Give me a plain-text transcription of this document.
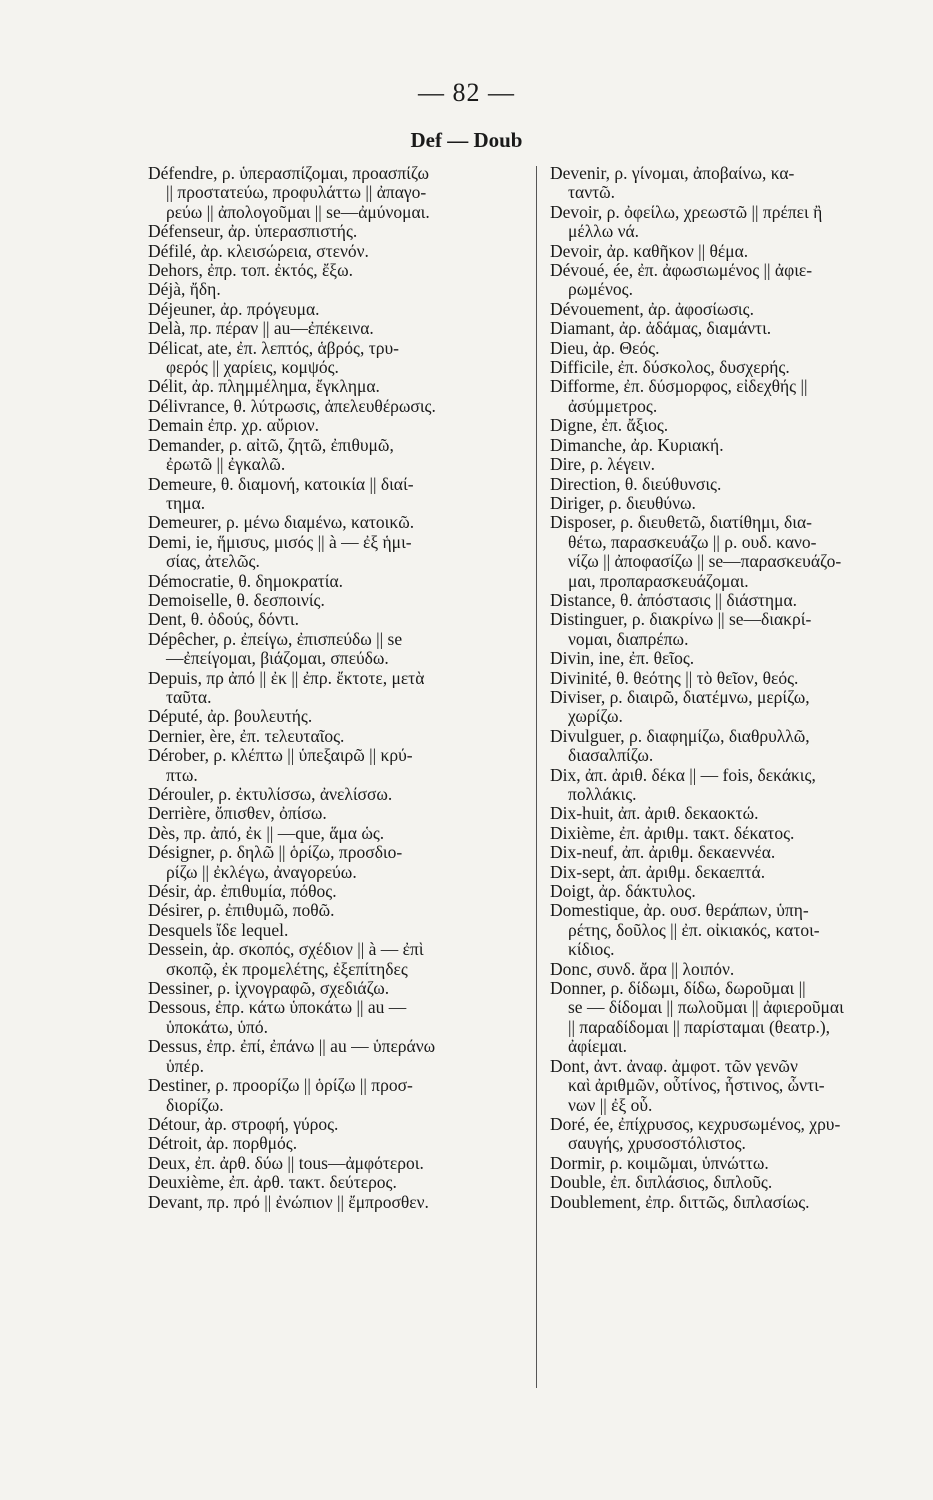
— 82 —
Def — Doub
Défendre, ρ. ὑπερασπίζομαι, προασπίζω
|| προστατεύω, προφυλάττω || ἀπαγο-
ρεύω || ἀπολογοῦμαι || se—ἀμύνομαι.
Défenseur, ἀρ. ὑπερασπιστής.
Défilé, ἀρ. κλεισώρεια, στενόν.
Dehors, ἐπρ. τοπ. ἐκτός, ἔξω.
Déjà, ἤδη.
Déjeuner, ἀρ. πρόγευμα.
Delà, πρ. πέραν || au—ἐπέκεινα.
Délicat, ate, ἐπ. λεπτός, ἁβρός, τρυ-
φερός || χαρίεις, κομψός.
Délit, ἀρ. πλημμέλημα, ἔγκλημα.
Délivrance, θ. λύτρωσις, ἀπελευθέρωσις.
Demain ἐπρ. χρ. αὔριον.
Demander, ρ. αἰτῶ, ζητῶ, ἐπιθυμῶ,
ἐρωτῶ || ἐγκαλῶ.
Demeure, θ. διαμονή, κατοικία || διαί-
τημα.
Demeurer, ρ. μένω διαμένω, κατοικῶ.
Demi, ie, ἥμισυς, μισός || à — ἐξ ἡμι-
σίας, ἀτελῶς.
Démocratie, θ. δημοκρατία.
Demoiselle, θ. δεσποινίς.
Dent, θ. ὀδούς, δόντι.
Dépêcher, ρ. ἐπείγω, ἐπισπεύδω || se
—ἐπείγομαι, βιάζομαι, σπεύδω.
Depuis, πρ ἀπό || ἐκ || ἐπρ. ἔκτοτε, μετὰ
ταῦτα.
Député, ἀρ. βουλευτής.
Dernier, ère, ἐπ. τελευταῖος.
Dérober, ρ. κλέπτω || ὑπεξαιρῶ || κρύ-
πτω.
Dérouler, ρ. ἐκτυλίσσω, ἀνελίσσω.
Derrière, ὄπισθεν, ὀπίσω.
Dès, πρ. ἀπό, ἐκ || —que, ἅμα ὡς.
Désigner, ρ. δηλῶ || ὁρίζω, προσδιο-
ρίζω || ἐκλέγω, ἀναγορεύω.
Désir, ἀρ. ἐπιθυμία, πόθος.
Désirer, ρ. ἐπιθυμῶ, ποθῶ.
Desquels ἴδε lequel.
Dessein, ἀρ. σκοπός, σχέδιον || à — ἐπὶ
σκοπῷ, ἐκ προμελέτης, ἐξεπίτηδες
Dessiner, ρ. ἰχνογραφῶ, σχεδιάζω.
Dessous, ἐπρ. κάτω ὑποκάτω || au —
ὑποκάτω, ὑπό.
Dessus, ἐπρ. ἐπί, ἐπάνω || au — ὑπεράνω
ὑπέρ.
Destiner, ρ. προορίζω || ὁρίζω || προσ-
διορίζω.
Détour, ἀρ. στροφή, γύρος.
Détroit, ἀρ. πορθμός.
Deux, ἐπ. ἀρθ. δύω || tous—ἀμφότεροι.
Deuxième, ἐπ. ἀρθ. τακτ. δεύτερος.
Devant, πρ. πρό || ἐνώπιον || ἔμπροσθεν.
Devenir, ρ. γίνομαι, ἀποβαίνω, κα-
ταντῶ.
Devoir, ρ. ὀφείλω, χρεωστῶ || πρέπει ἢ
μέλλω νά.
Devoir, ἀρ. καθῆκον || θέμα.
Dévoué, ée, ἐπ. ἀφωσιωμένος || ἀφιε-
ρωμένος.
Dévouement, ἀρ. ἀφοσίωσις.
Diamant, ἀρ. ἀδάμας, διαμάντι.
Dieu, ἀρ. Θεός.
Difficile, ἐπ. δύσκολος, δυσχερής.
Difforme, ἐπ. δύσμορφος, εἰδεχθής ||
ἀσύμμετρος.
Digne, ἐπ. ἄξιος.
Dimanche, ἀρ. Κυριακή.
Dire, ρ. λέγειν.
Direction, θ. διεύθυνσις.
Diriger, ρ. διευθύνω.
Disposer, ρ. διευθετῶ, διατίθημι, δια-
θέτω, παρασκευάζω || ρ. ουδ. κανο-
νίζω || ἀποφασίζω || se—παρασκευάζο-
μαι, προπαρασκευάζομαι.
Distance, θ. ἀπόστασις || διάστημα.
Distinguer, ρ. διακρίνω || se—διακρί-
νομαι, διαπρέπω.
Divin, ine, ἐπ. θεῖος.
Divinité, θ. θεότης || τὸ θεῖον, θεός.
Diviser, ρ. διαιρῶ, διατέμνω, μερίζω,
χωρίζω.
Divulguer, ρ. διαφημίζω, διαθρυλλῶ,
διασαλπίζω.
Dix, ἀπ. ἀριθ. δέκα || — fois, δεκάκις,
πολλάκις.
Dix-huit, ἀπ. ἀριθ. δεκαοκτώ.
Dixième, ἐπ. ἀριθμ. τακτ. δέκατος.
Dix-neuf, ἀπ. ἀριθμ. δεκαεννέα.
Dix-sept, ἀπ. ἀριθμ. δεκαεπτά.
Doigt, ἀρ. δάκτυλος.
Domestique, ἀρ. ουσ. θεράπων, ὑπη-
ρέτης, δοῦλος || ἐπ. οἰκιακός, κατοι-
κίδιος.
Donc, συνδ. ἄρα || λοιπόν.
Donner, ρ. δίδωμι, δίδω, δωροῦμαι ||
se — δίδομαι || πωλοῦμαι || ἀφιεροῦμαι
|| παραδίδομαι || παρίσταμαι (θεατρ.),
ἀφίεμαι.
Dont, ἀντ. ἀναφ. ἀμφοτ. τῶν γενῶν
καὶ ἀριθμῶν, οὗτίνος, ἧστινος, ὧντι-
νων || ἐξ οὗ.
Doré, ée, ἐπίχρυσος, κεχρυσωμένος, χρυ-
σαυγής, χρυσοστόλιστος.
Dormir, ρ. κοιμῶμαι, ὑπνώττω.
Double, ἐπ. διπλάσιος, διπλοῦς.
Doublement, ἐπρ. διττῶς, διπλασίως.
